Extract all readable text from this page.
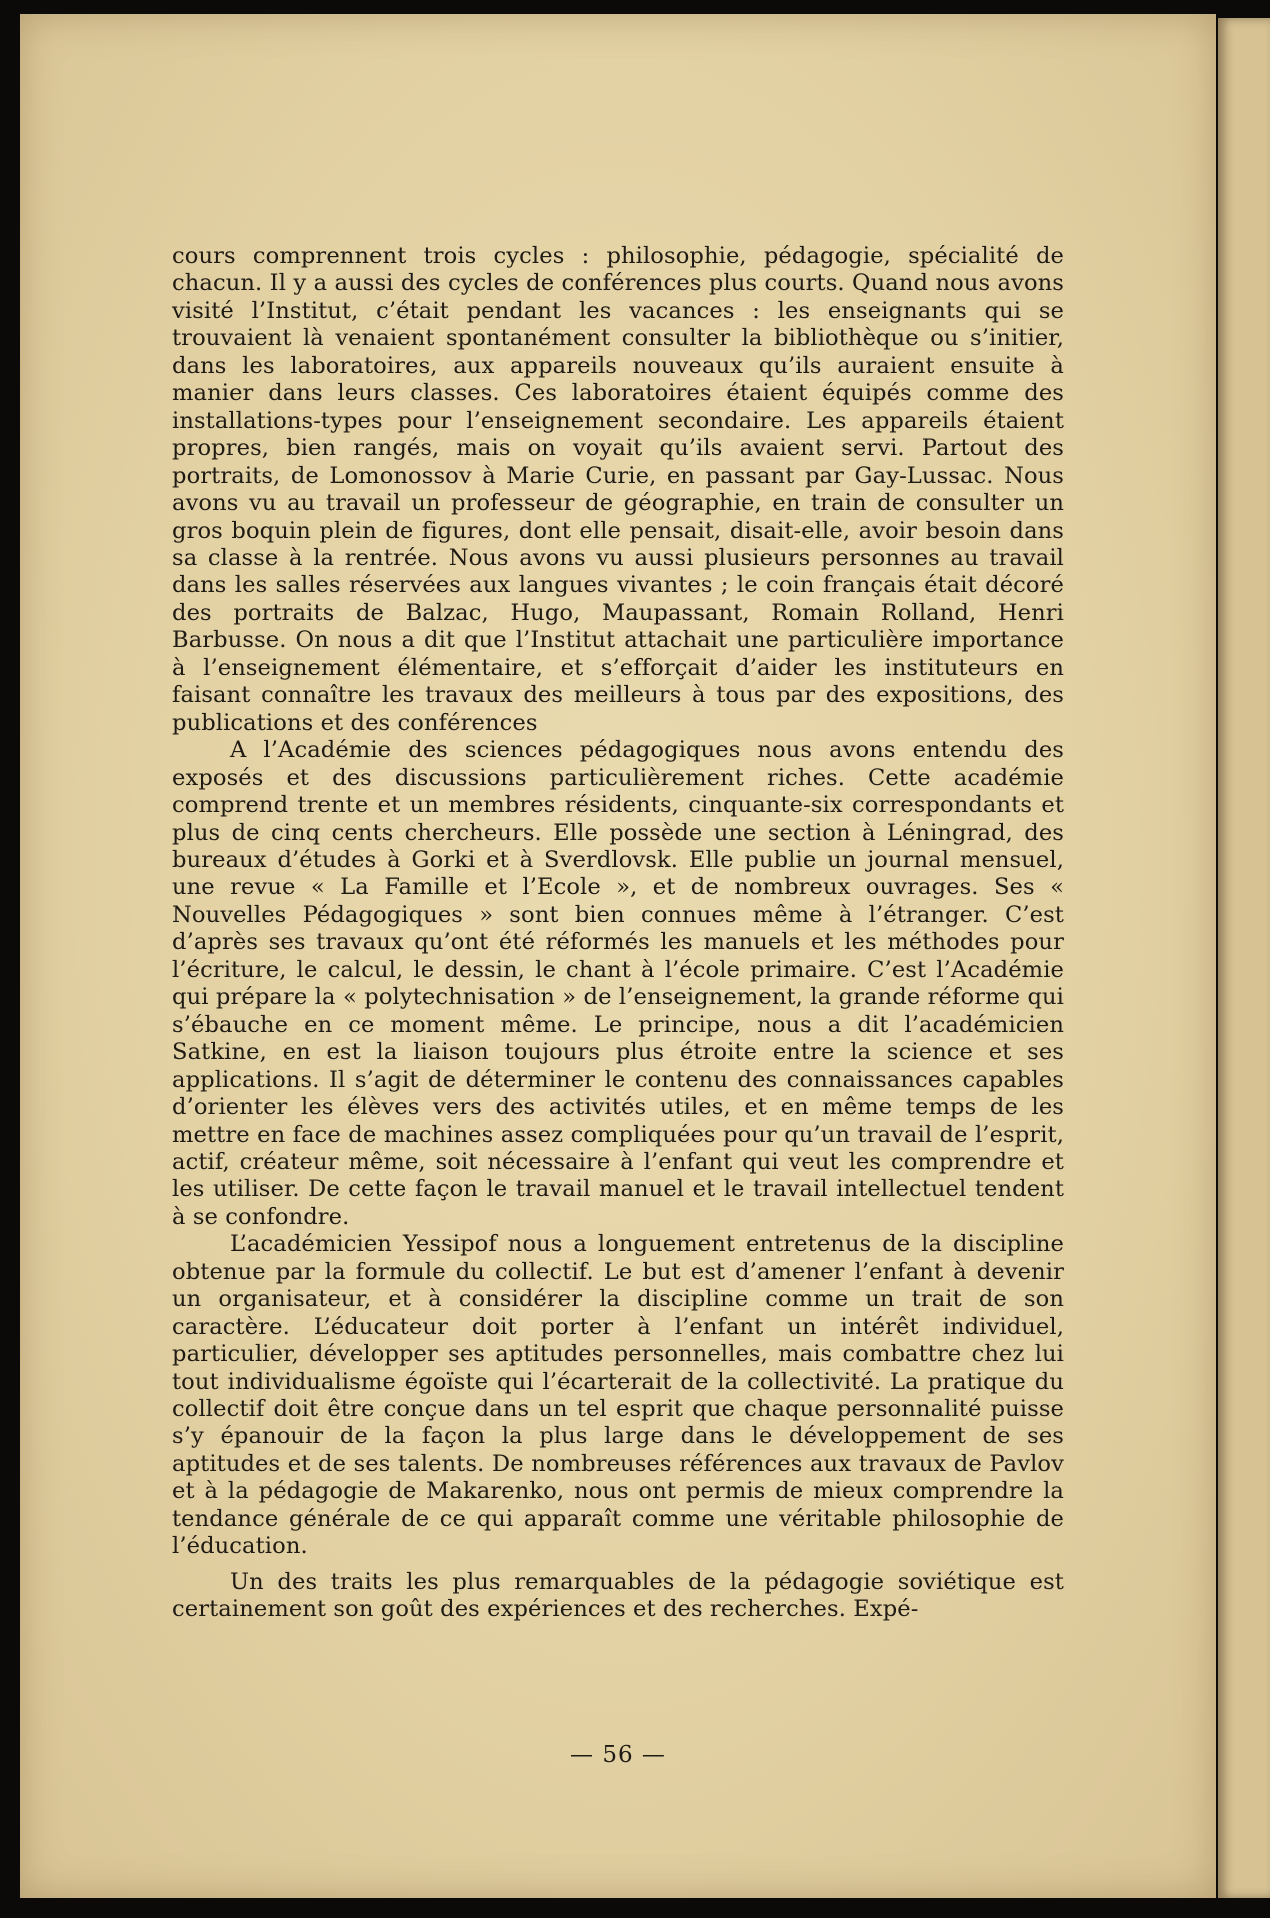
cours comprennent trois cycles : philosophie, pédagogie, spécialité de chacun. Il y a aussi des cycles de conférences plus courts. Quand nous avons visité l’Institut, c’était pendant les vacances : les enseignants qui se trouvaient là venaient spontanément consulter la bibliothèque ou s’initier, dans les laboratoires, aux appareils nouveaux qu’ils auraient ensuite à manier dans leurs classes. Ces laboratoires étaient équipés comme des installations-types pour l’enseignement secondaire. Les appareils étaient propres, bien rangés, mais on voyait qu’ils avaient servi. Partout des portraits, de Lomonossov à Marie Curie, en passant par Gay-Lussac. Nous avons vu au travail un professeur de géographie, en train de consulter un gros boquin plein de figures, dont elle pensait, disait-elle, avoir besoin dans sa classe à la rentrée. Nous avons vu aussi plusieurs personnes au travail dans les salles réservées aux langues vivantes ; le coin français était décoré des portraits de Balzac, Hugo, Maupassant, Romain Rolland, Henri Barbusse. On nous a dit que l’Institut attachait une particulière importance à l’enseignement élémentaire, et s’efforçait d’aider les instituteurs en faisant connaître les travaux des meilleurs à tous par des expositions, des publications et des conférences

A l’Académie des sciences pédagogiques nous avons entendu des exposés et des discussions particulièrement riches. Cette académie comprend trente et un membres résidents, cinquante-six correspondants et plus de cinq cents chercheurs. Elle possède une section à Léningrad, des bureaux d’études à Gorki et à Sverdlovsk. Elle publie un journal mensuel, une revue « La Famille et l’Ecole », et de nombreux ouvrages. Ses « Nouvelles Pédagogiques » sont bien connues même à l’étranger. C’est d’après ses travaux qu’ont été réformés les manuels et les méthodes pour l’écriture, le calcul, le dessin, le chant à l’école primaire. C’est l’Académie qui prépare la « polytechnisation » de l’enseignement, la grande réforme qui s’ébauche en ce moment même. Le principe, nous a dit l’académicien Satkine, en est la liaison toujours plus étroite entre la science et ses applications. Il s’agit de déterminer le contenu des connaissances capables d’orienter les élèves vers des activités utiles, et en même temps de les mettre en face de machines assez compliquées pour qu’un travail de l’esprit, actif, créateur même, soit nécessaire à l’enfant qui veut les comprendre et les utiliser. De cette façon le travail manuel et le travail intellectuel tendent à se confondre.

L’académicien Yessipof nous a longuement entretenus de la discipline obtenue par la formule du collectif. Le but est d’amener l’enfant à devenir un organisateur, et à considérer la discipline comme un trait de son caractère. L’éducateur doit porter à l’enfant un intérêt individuel, particulier, développer ses aptitudes personnelles, mais combattre chez lui tout individualisme égoïste qui l’écarterait de la collectivité. La pratique du collectif doit être conçue dans un tel esprit que chaque personnalité puisse s’y épanouir de la façon la plus large dans le développement de ses aptitudes et de ses talents. De nombreuses références aux travaux de Pavlov et à la pédagogie de Makarenko, nous ont permis de mieux comprendre la tendance générale de ce qui apparaît comme une véritable philosophie de l’éducation.

Un des traits les plus remarquables de la pédagogie soviétique est certainement son goût des expériences et des recherches. Expé-

— 56 —
